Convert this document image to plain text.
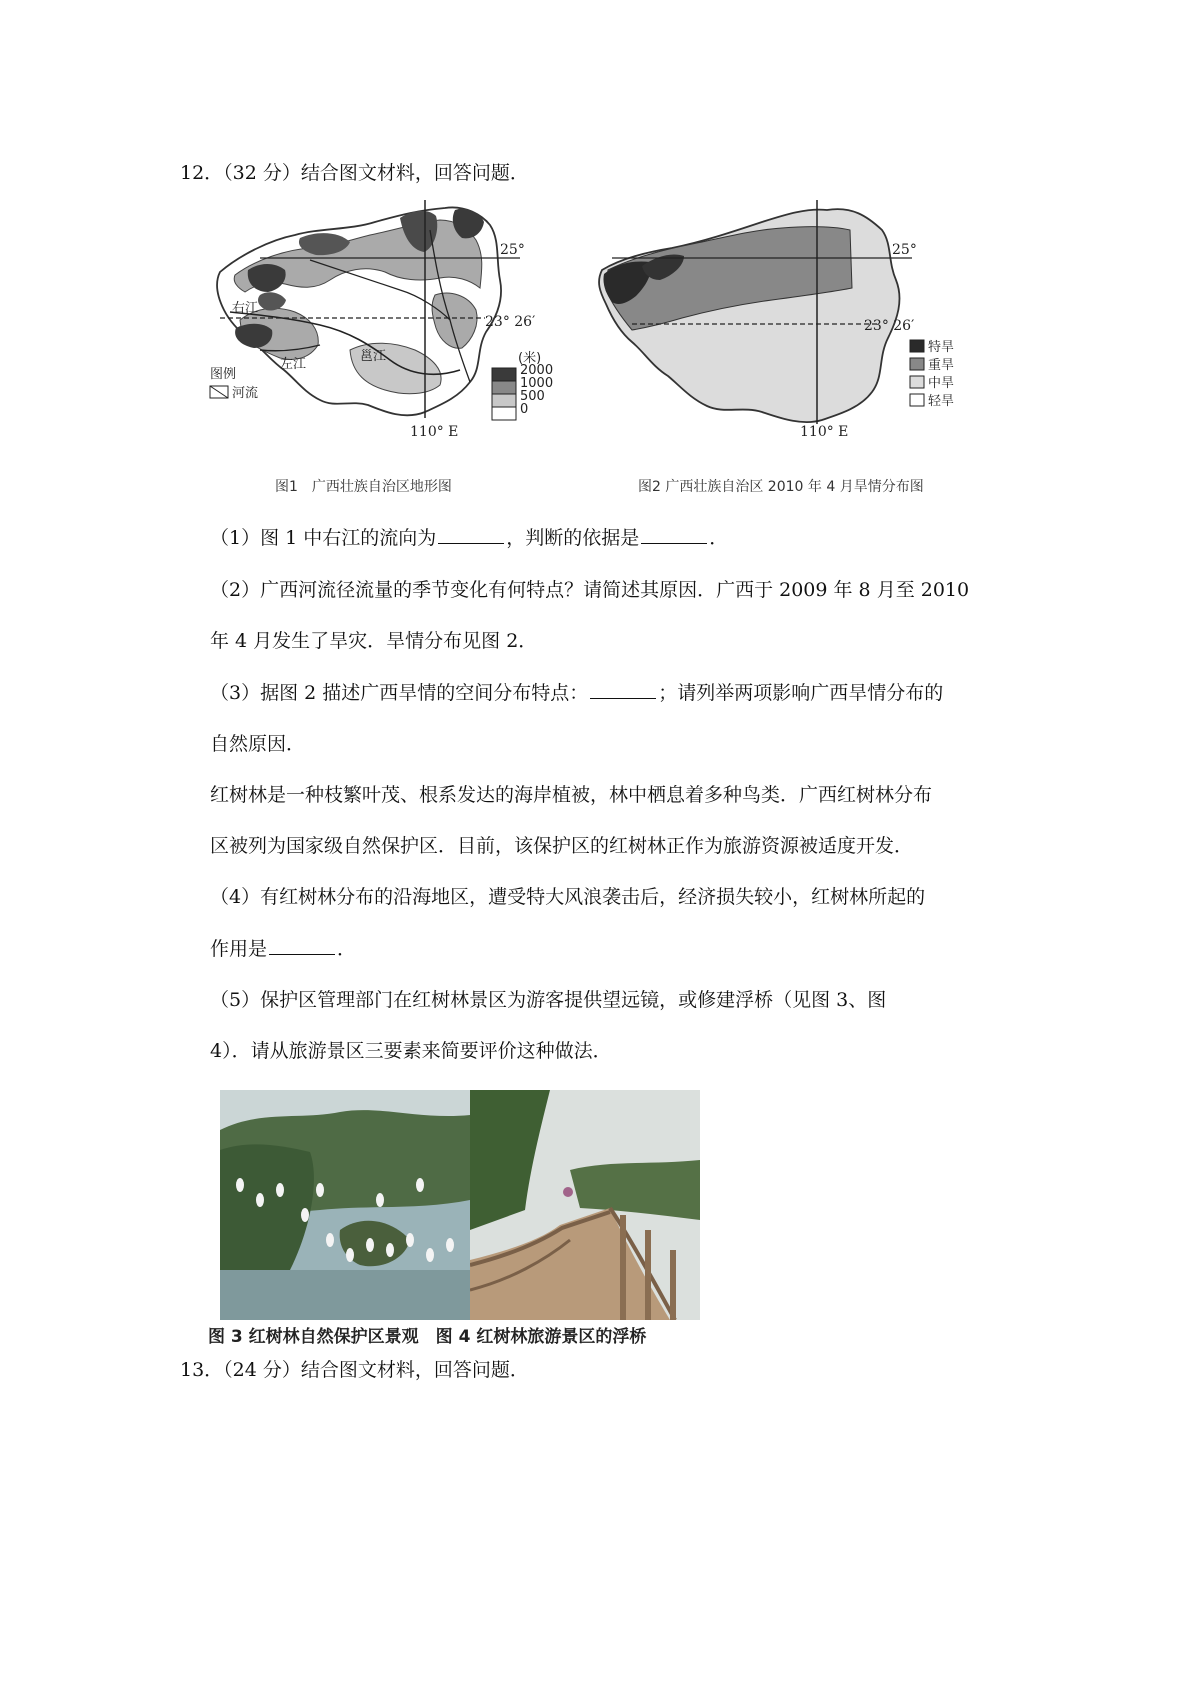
12．（32 分）结合图文材料，回答问题．
25°
23° 26′
110° E
右江
左江
邕江
图例
河流
(米)
2000
1000
500
0
25°
23° 26′
110° E
特旱
重旱
中旱
轻旱
图1　广西壮族自治区地形图	图2 广西壮族自治区 2010 年 4 月旱情分布图
（1）图 1 中右江的流向为	，判断的依据是	．
（2）广西河流径流量的季节变化有何特点？请简述其原因．广西于 2009 年 8 月至 2010
年 4 月发生了旱灾．旱情分布见图 2．
（3）据图 2 描述广西旱情的空间分布特点：	；请列举两项影响广西旱情分布的
自然原因．
红树林是一种枝繁叶茂、根系发达的海岸植被，林中栖息着多种鸟类．广西红树林分布
区被列为国家级自然保护区．目前，该保护区的红树林正作为旅游资源被适度开发．
（4）有红树林分布的沿海地区，遭受特大风浪袭击后，经济损失较小，红树林所起的
作用是	．
（5）保护区管理部门在红树林景区为游客提供望远镜，或修建浮桥（见图 3、图
4）．请从旅游景区三要素来简要评价这种做法．
图 3 红树林自然保护区景观　图 4 红树林旅游景区的浮桥
13．（24 分）结合图文材料，回答问题．
